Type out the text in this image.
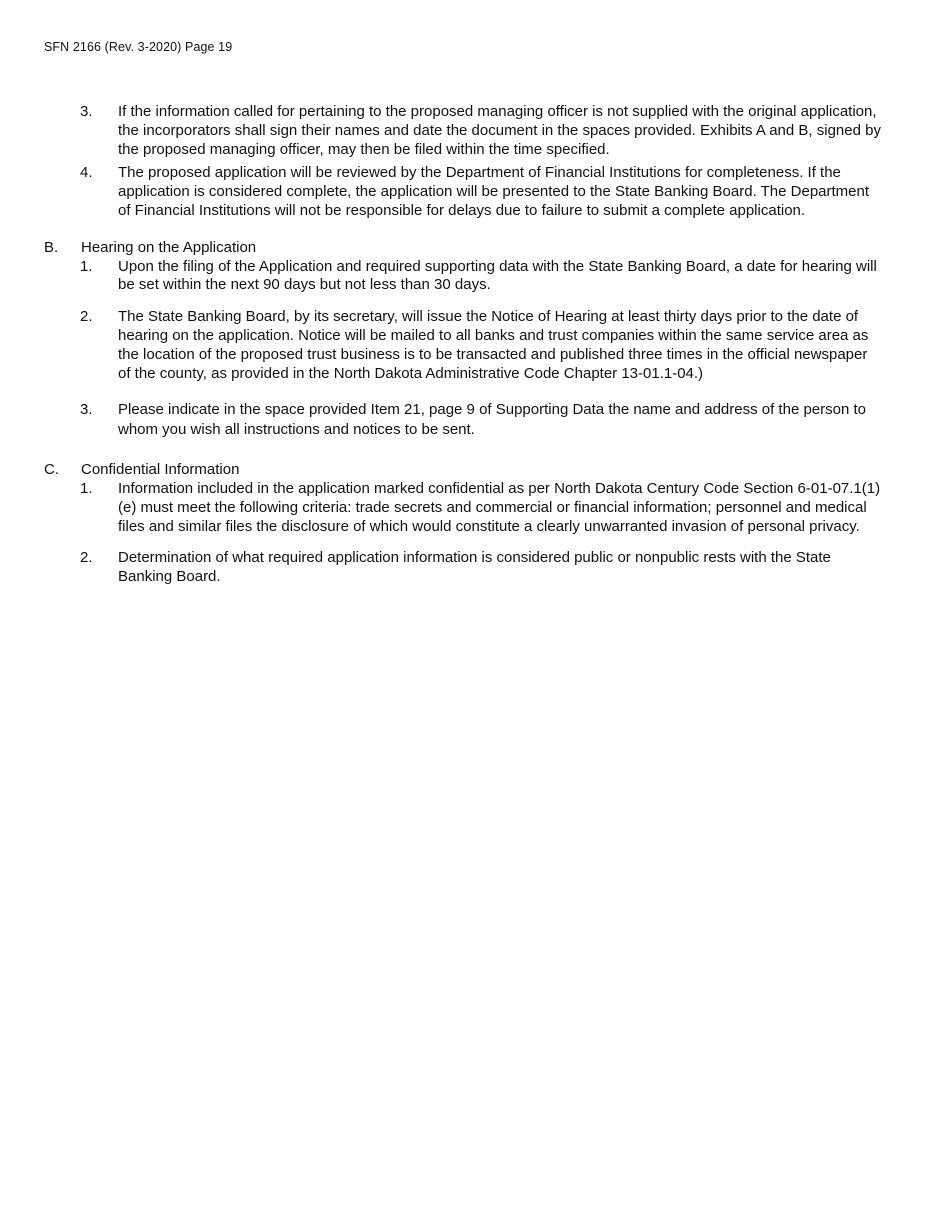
SFN 2166 (Rev. 3-2020) Page 19
3. If the information called for pertaining to the proposed managing officer is not supplied with the original application, the incorporators shall sign their names and date the document in the spaces provided. Exhibits A and B, signed by the proposed managing officer, may then be filed within the time specified.
4. The proposed application will be reviewed by the Department of Financial Institutions for completeness. If the application is considered complete, the application will be presented to the State Banking Board. The Department of Financial Institutions will not be responsible for delays due to failure to submit a complete application.
B. Hearing on the Application
1. Upon the filing of the Application and required supporting data with the State Banking Board, a date for hearing will be set within the next 90 days but not less than 30 days.
2. The State Banking Board, by its secretary, will issue the Notice of Hearing at least thirty days prior to the date of hearing on the application. Notice will be mailed to all banks and trust companies within the same service area as the location of the proposed trust business is to be transacted and published three times in the official newspaper of the county, as provided in the North Dakota Administrative Code Chapter 13-01.1-04.)
3. Please indicate in the space provided Item 21, page 9 of Supporting Data the name and address of the person to whom you wish all instructions and notices to be sent.
C. Confidential Information
1. Information included in the application marked confidential as per North Dakota Century Code Section 6-01-07.1(1)(e) must meet the following criteria: trade secrets and commercial or financial information; personnel and medical files and similar files the disclosure of which would constitute a clearly unwarranted invasion of personal privacy.
2. Determination of what required application information is considered public or nonpublic rests with the State Banking Board.
